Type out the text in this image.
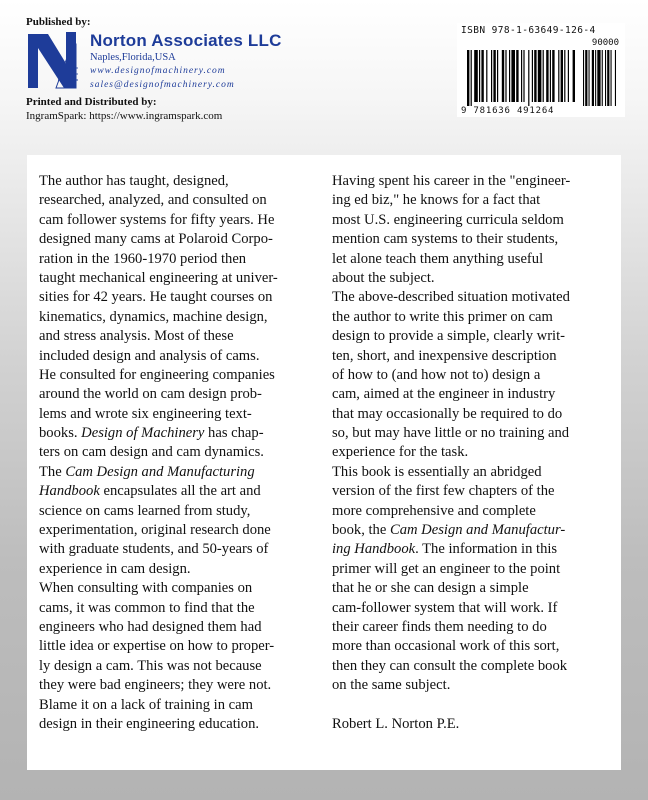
Published by:
Norton Associates LLC
Naples,Florida,USA
www.designofmachinery.com
sales@designofmachinery.com
Printed and Distributed by:
IngramSpark: https://www.ingramspark.com
ISBN 978-1-63649-126-4
90000
9 781636 491264
The author has taught, designed,
researched, analyzed, and consulted on
cam follower systems for fifty years. He
designed many cams at Polaroid Corpo-
ration in the 1960-1970 period then
taught mechanical engineering at univer-
sities for 42 years. He taught courses on
kinematics, dynamics, machine design,
and stress analysis. Most of these
included design and analysis of cams.
He consulted for engineering companies
around the world on cam design prob-
lems and wrote six engineering text-
books. Design of Machinery has chap-
ters on cam design and cam dynamics.
The Cam Design and Manufacturing
Handbook encapsulates all the art and
science on cams learned from study,
experimentation, original research done
with graduate students, and 50-years of
experience in cam design.
When consulting with companies on
cams, it was common to find that the
engineers who had designed them had
little idea or expertise on how to proper-
ly design a cam. This was not because
they were bad engineers; they were not.
Blame it on a lack of training in cam
design in their engineering education.
Having spent his career in the "engineer-
ing ed biz," he knows for a fact that
most U.S. engineering curricula seldom
mention cam systems to their students,
let alone teach them anything useful
about the subject.
The above-described situation motivated
the author to write this primer on cam
design to provide a simple, clearly writ-
ten, short, and inexpensive description
of how to (and how not to) design a
cam, aimed at the engineer in industry
that may occasionally be required to do
so, but may have little or no training and
experience for the task.
This book is essentially an abridged
version of the first few chapters of the
more comprehensive and complete
book, the Cam Design and Manufactur-
ing Handbook. The information in this
primer will get an engineer to the point
that he or she can design a simple
cam-follower system that will work. If
their career finds them needing to do
more than occasional work of this sort,
then they can consult the complete book
on the same subject.
Robert L. Norton P.E.
